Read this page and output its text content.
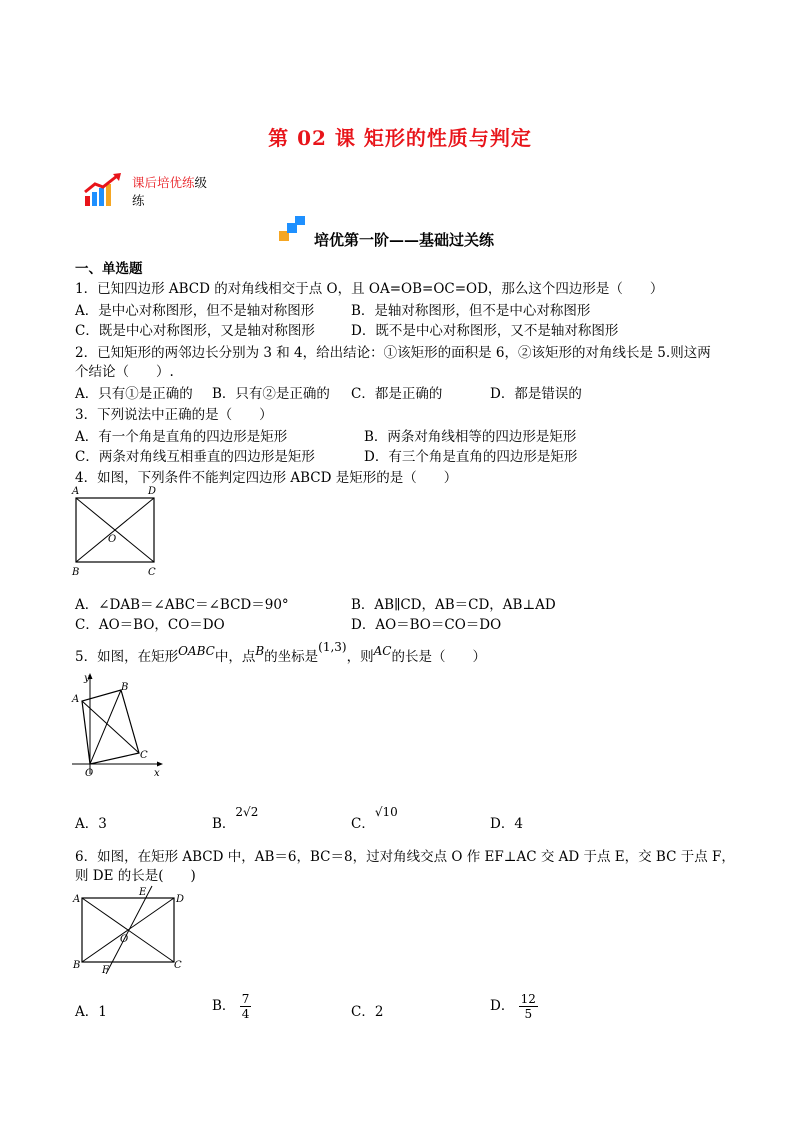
第 02 课 矩形的性质与判定
课后培优练级
练
培优第一阶——基础过关练
一、单选题
1．已知四边形 ABCD 的对角线相交于点 O，且 OA=OB=OC=OD，那么这个四边形是（　　）
A．是中心对称图形，但不是轴对称图形	B．是轴对称图形，但不是中心对称图形
C．既是中心对称图形，又是轴对称图形	D．既不是中心对称图形，又不是轴对称图形
2．已知矩形的两邻边长分别为 3 和 4，给出结论：①该矩形的面积是 6，②该矩形的对角线长是 5.则这两
个结论（　　）.
A．只有①是正确的 B．只有②是正确的 C．都是正确的	D．都是错误的
3．下列说法中正确的是（　　）
A．有一个角是直角的四边形是矩形	B．两条对角线相等的四边形是矩形
C．两条对角线互相垂直的四边形是矩形	D．有三个角是直角的四边形是矩形
4．如图，下列条件不能判定四边形 ABCD 是矩形的是（　　）
A	D
B	C
O
A．∠DAB＝∠ABC＝∠BCD＝90°	B．AB∥CD，AB＝CD，AB⊥AD
C．AO＝BO，CO＝DO	D．AO＝BO＝CO＝DO
5．如图，在矩形OABC中，点B的坐标是(1,3)，则AC的长是（　　）
y
x
A
B
C
O
A．3	B．2√2
C．√10
D．4
6．如图，在矩形 ABCD 中，AB＝6，BC＝8，过对角线交点 O 作 EF⊥AC 交 AD 于点 E，交 BC 于点 F，
则 DE 的长是(　　)
A
E
D
O
B F	C
A．1	B． $\frac{7}{4}$	C．2	D． $\frac{12}{5}$
